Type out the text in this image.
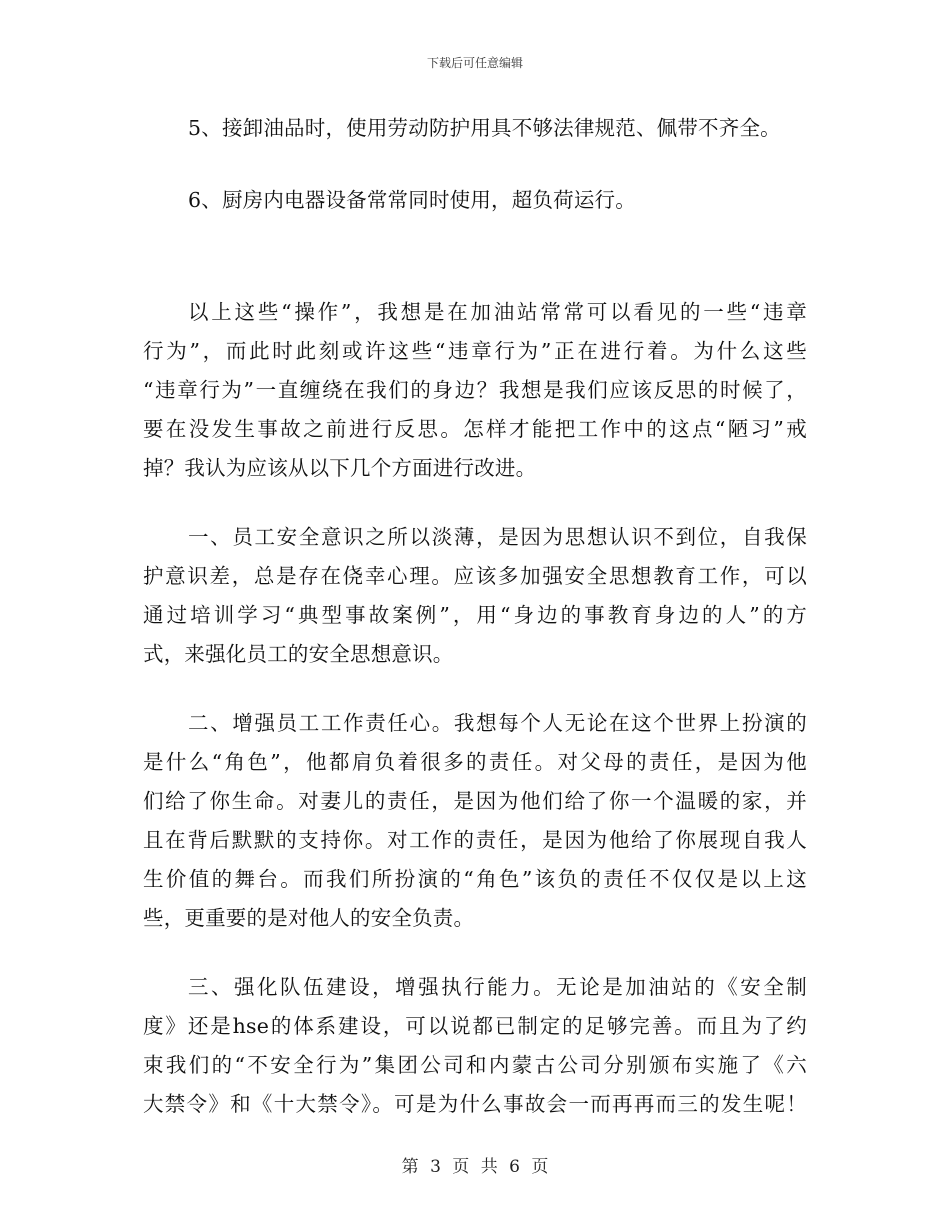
下载后可任意编辑
5、接卸油品时，使用劳动防护用具不够法律规范、佩带不齐全。
6、厨房内电器设备常常同时使用，超负荷运行。
以上这些“操作”，我想是在加油站常常可以看见的一些“违章
行为”，而此时此刻或许这些“违章行为”正在进行着。为什么这些
“违章行为”一直缠绕在我们的身边？我想是我们应该反思的时候了，
要在没发生事故之前进行反思。怎样才能把工作中的这点“陋习”戒
掉？我认为应该从以下几个方面进行改进。
一、员工安全意识之所以淡薄，是因为思想认识不到位，自我保
护意识差，总是存在侥幸心理。应该多加强安全思想教育工作，可以
通过培训学习“典型事故案例”，用“身边的事教育身边的人”的方
式，来强化员工的安全思想意识。
二、增强员工工作责任心。我想每个人无论在这个世界上扮演的
是什么“角色”，他都肩负着很多的责任。对父母的责任，是因为他
们给了你生命。对妻儿的责任，是因为他们给了你一个温暖的家，并
且在背后默默的支持你。对工作的责任，是因为他给了你展现自我人
生价值的舞台。而我们所扮演的“角色”该负的责任不仅仅是以上这
些，更重要的是对他人的安全负责。
三、强化队伍建设，增强执行能力。无论是加油站的《安全制
度》还是hse的体系建设，可以说都已制定的足够完善。而且为了约
束我们的“不安全行为”集团公司和内蒙古公司分别颁布实施了《六
大禁令》和《十大禁令》。可是为什么事故会一而再再而三的发生呢！
第 3 页 共 6 页
